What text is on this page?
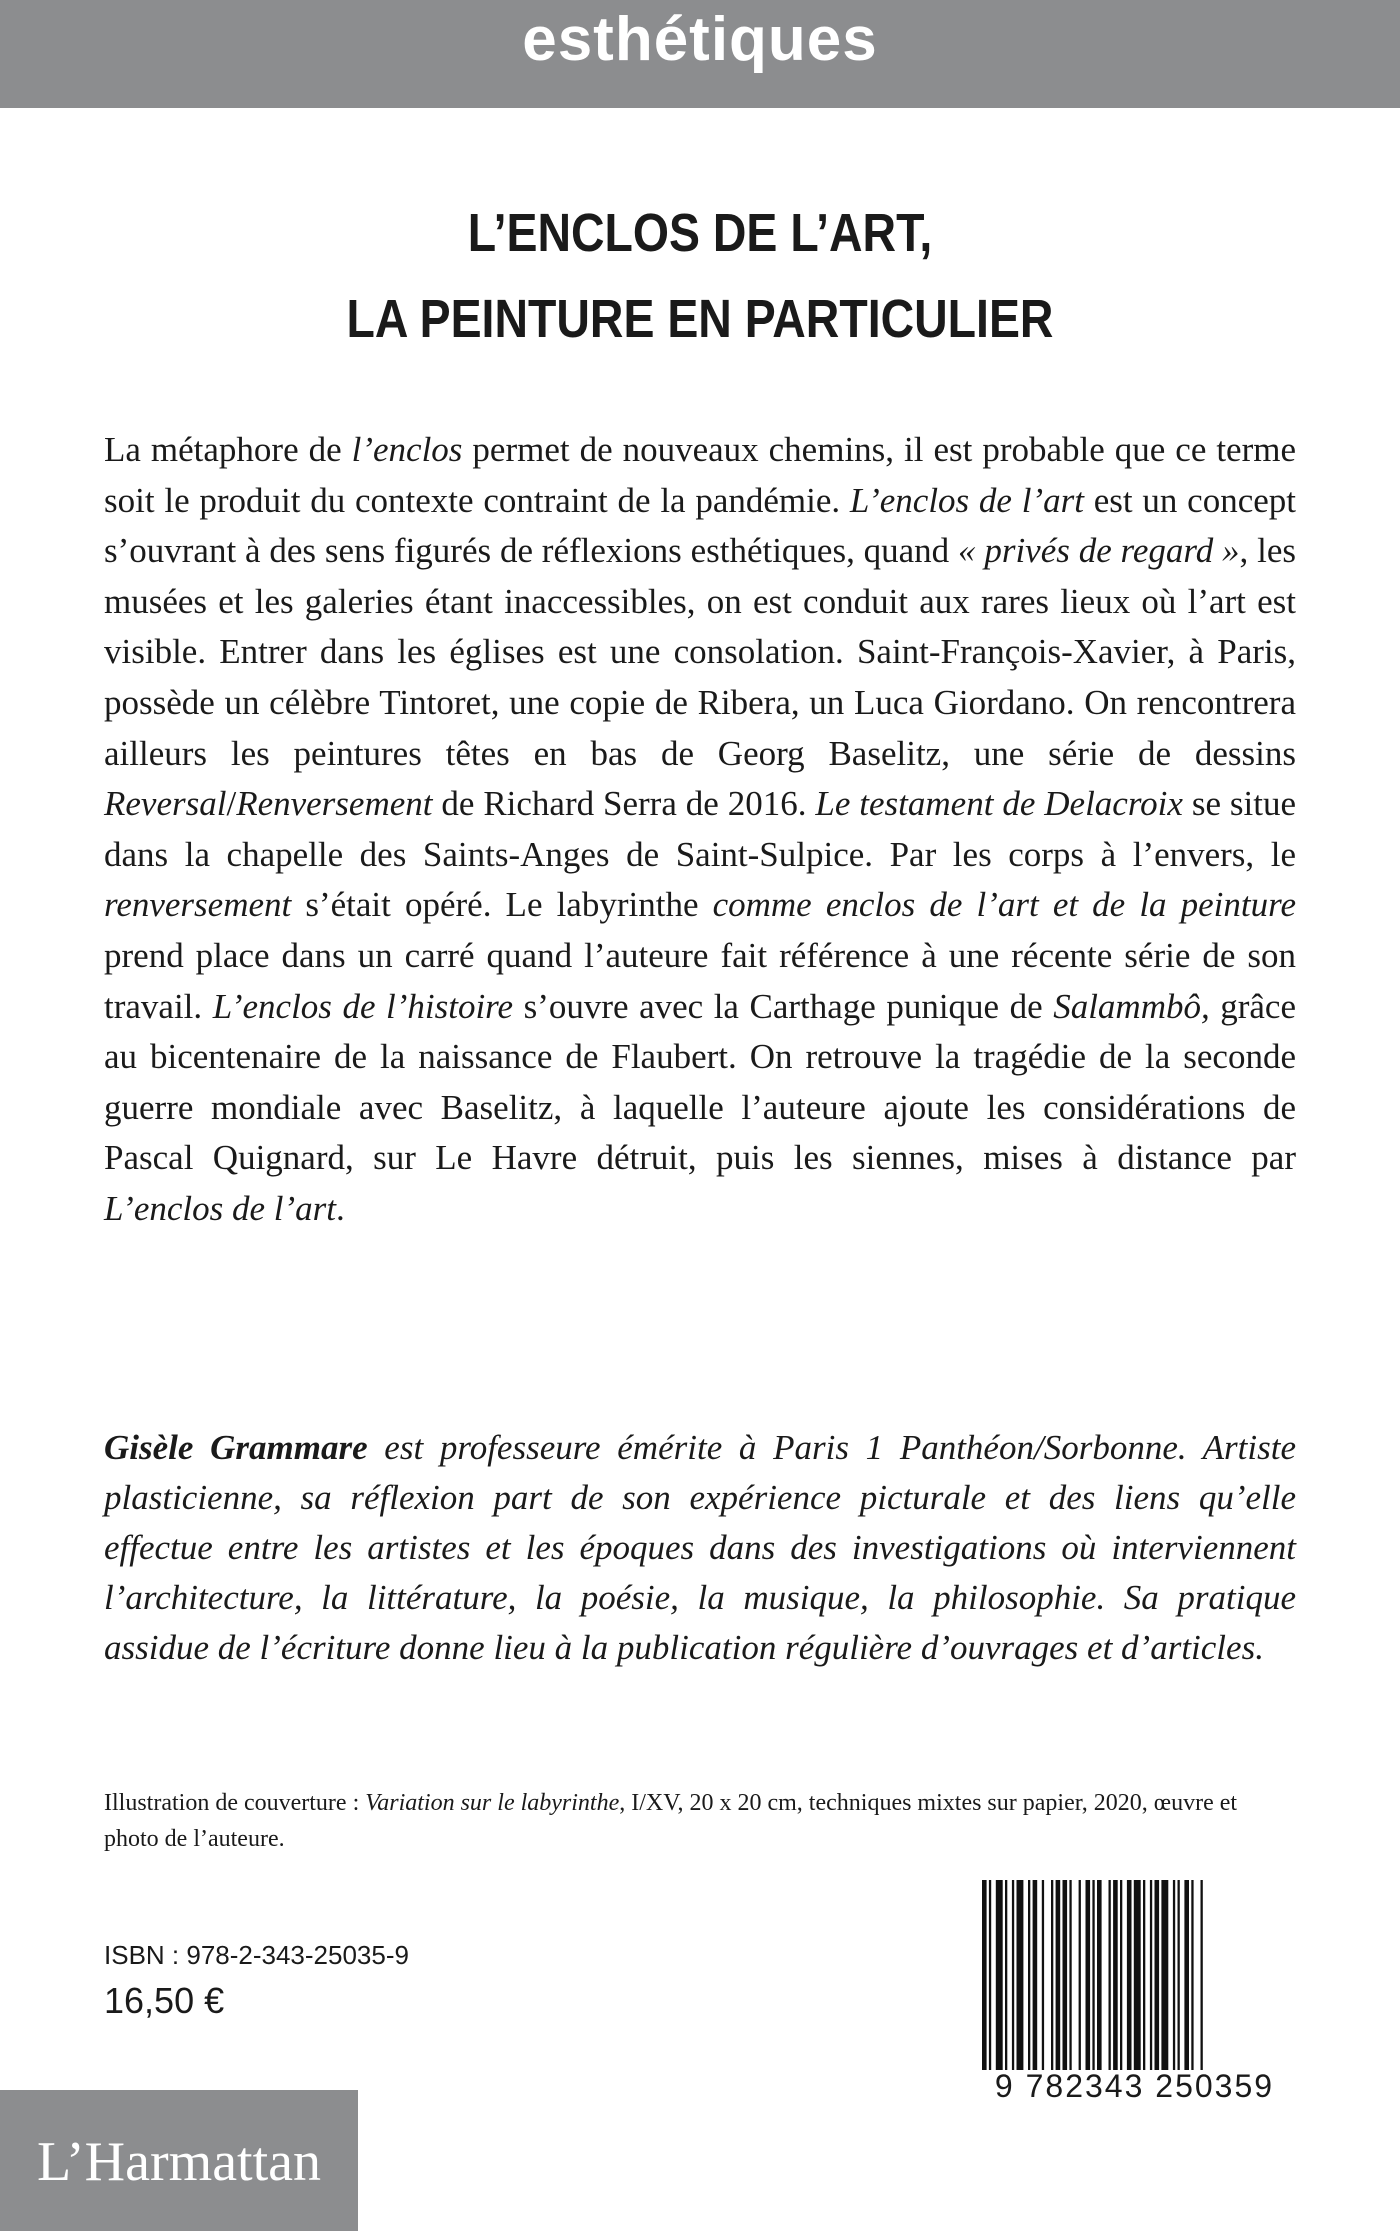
esthétiques
L’ENCLOS DE L’ART,
LA PEINTURE EN PARTICULIER
La métaphore de l’enclos permet de nouveaux chemins, il est probable que ce terme soit le produit du contexte contraint de la pandémie. L’enclos de l’art est un concept s’ouvrant à des sens figurés de réflexions esthétiques, quand « privés de regard », les musées et les galeries étant inaccessibles, on est conduit aux rares lieux où l’art est visible. Entrer dans les églises est une consolation. Saint-François-Xavier, à Paris, possède un célèbre Tintoret, une copie de Ribera, un Luca Giordano. On rencontrera ailleurs les peintures têtes en bas de Georg Baselitz, une série de dessins Reversal/Renversement de Richard Serra de 2016. Le testament de Delacroix se situe dans la chapelle des Saints-Anges de Saint-Sulpice. Par les corps à l’envers, le renversement s’était opéré. Le labyrinthe comme enclos de l’art et de la peinture prend place dans un carré quand l’auteure fait référence à une récente série de son travail. L’enclos de l’histoire s’ouvre avec la Carthage punique de Salammbô, grâce au bicentenaire de la naissance de Flaubert. On retrouve la tragédie de la seconde guerre mondiale avec Baselitz, à laquelle l’auteure ajoute les considérations de Pascal Quignard, sur Le Havre détruit, puis les siennes, mises à distance par L’enclos de l’art.
Gisèle Grammare est professeure émérite à Paris 1 Panthéon/Sorbonne. Artiste plasticienne, sa réflexion part de son expérience picturale et des liens qu’elle effectue entre les artistes et les époques dans des investigations où interviennent l’architecture, la littérature, la poésie, la musique, la philosophie. Sa pratique assidue de l’écriture donne lieu à la publication régulière d’ouvrages et d’articles.
Illustration de couverture : Variation sur le labyrinthe, I/XV, 20 x 20 cm, techniques mixtes sur papier, 2020, œuvre et photo de l’auteure.
ISBN : 978-2-343-25035-9
16,50 €
9 782343 250359
L’Harmattan
